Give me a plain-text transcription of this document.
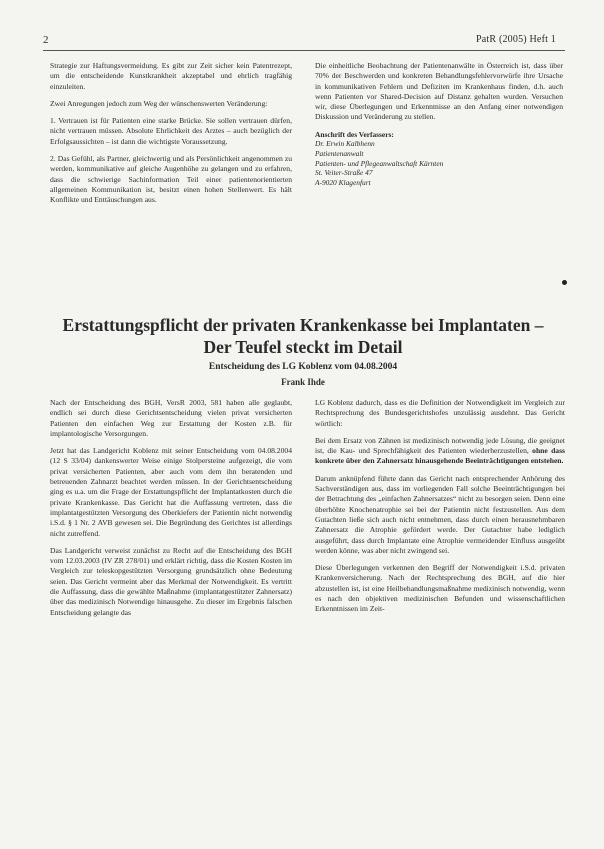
2	PatR (2005) Heft 1

Strategie zur Haftungsvermeidung. Es gibt zur Zeit sicher kein Patentrezept, um die entscheidende Kunstkrankheit akzeptabel und ehrlich tragfähig einzuleiten.

Zwei Anregungen jedoch zum Weg der wünschenswerten Veränderung:

1. Vertrauen ist für Patienten eine starke Brücke. Sie sollen vertrauen dürfen, nicht vertrauen müssen. Absolute Ehrlichkeit des Arztes – auch bezüglich der Erfolgsaussichten – ist dann die wichtigste Voraussetzung.

2. Das Gefühl, als Partner, gleichwertig und als Persönlichkeit angenommen zu werden, kommunikative auf gleiche Augenhöhe zu gelangen und zu erfahren, dass die schwierige Sachinformation Teil einer patientenorientierten allgemeinen Kommunikation ist, besitzt einen hohen Stellenwert. Es hält Konflikte und Enttäuschungen aus.

Die einheitliche Beobachtung der Patientenanwälte in Österreich ist, dass über 70% der Beschwerden und konkreten Behandlungsfehlervorwürfe ihre Ursache in kommunikativen Fehlern und Defiziten im Krankenhaus finden, d.h. auch wenn Patienten vor Shared-Decision auf Distanz gehalten wurden. Versuchen wir, diese Überlegungen und Erkenntnisse an den Anfang einer notwendigen Diskussion und Veränderung zu stellen.

Anschrift des Verfassers:
Dr. Erwin Kalbhenn
Patientenanwalt
Patienten- und Pflegeanwaltschaft Kärnten
St. Veiter-Straße 47
A-9020 Klagenfurt
Erstattungspflicht der privaten Krankenkasse bei Implantaten –
Der Teufel steckt im Detail
Entscheidung des LG Koblenz vom 04.08.2004
Frank Ihde

Nach der Entscheidung des BGH, VersR 2003, 581 haben alle geglaubt, endlich sei durch diese Gerichtsentscheidung vielen privat versicherten Patienten den einfachen Weg zur Erstattung der Kosten z.B. für implantologische Versorgungen.

Jetzt hat das Landgericht Koblenz mit seiner Entscheidung vom 04.08.2004 (12 S 33/04) dankenswerter Weise einige Stolpersteine aufgezeigt, die vom privat versicherten Patienten, aber auch vom dem ihn beratenden und betreuenden Zahnarzt beachtet werden müssen. In der Gerichtsentscheidung ging es u.a. um die Frage der Erstattungspflicht der Implantatkosten durch die private Krankenkasse. Das Gericht hat die Auffassung vertreten, dass die implantatgestützten Versorgung des Oberkiefers der Patientin nicht notwendig i.S.d. § 1 Nr. 2 AVB gewesen sei. Die Begründung des Gerichtes ist allerdings nicht zutreffend.

Das Landgericht verweist zunächst zu Recht auf die Entscheidung des BGH vom 12.03.2003 (IV ZR 278/01) und erklärt richtig, dass die Kosten Kosten im Vergleich zur teleskopgestützten Versorgung grundsätzlich ohne Bedeutung seien. Das Gericht vermeint aber das Merkmal der Notwendigkeit. Es vertritt die Auffassung, dass die gewählte Maßnahme (implantatgestützter Zahnersatz) über das medizinisch Notwendige hinausgehe. Zu dieser im Ergebnis falschen Entscheidung gelangte das

LG Koblenz dadurch, dass es die Definition der Notwendigkeit im Vergleich zur Rechtsprechung des Bundesgerichtshofes unzulässig ausdehnt. Das Gericht wörtlich:

Bei dem Ersatz von Zähnen ist medizinisch notwendig jede Lösung, die geeignet ist, die Kau- und Sprechfähigkeit des Patienten wiederherzustellen, ohne dass konkrete über den Zahnersatz hinausgehende Beeinträchtigungen entstehen.

Darum anknüpfend führte dann das Gericht nach entsprechender Anhörung des Sachverständigen aus, dass im vorliegenden Fall solche Beeinträchtigungen bei der Betrachtung des „einfachen Zahnersatzes“ nicht zu besorgen seien. Denn eine überhöhte Knochenatrophie sei bei der Patientin nicht festzustellen. Aus dem Gutachten ließe sich auch nicht entnehmen, dass durch einen herausnehmbaren Zahnersatz die Atrophie gefördert werde. Der Gutachter habe lediglich ausgeführt, dass durch Implantate eine Atrophie vermeidender Einfluss ausgeübt werden könne, was aber nicht zwingend sei.

Diese Überlegungen verkennen den Begriff der Notwendigkeit i.S.d. privaten Krankenversicherung. Nach der Rechtsprechung des BGH, auf die hier abzustellen ist, ist eine Heilbehandlungsmaßnahme medizinisch notwendig, wenn es nach den objektiven medizinischen Befunden und wissenschaftlichen Erkenntnissen im Zeit-
